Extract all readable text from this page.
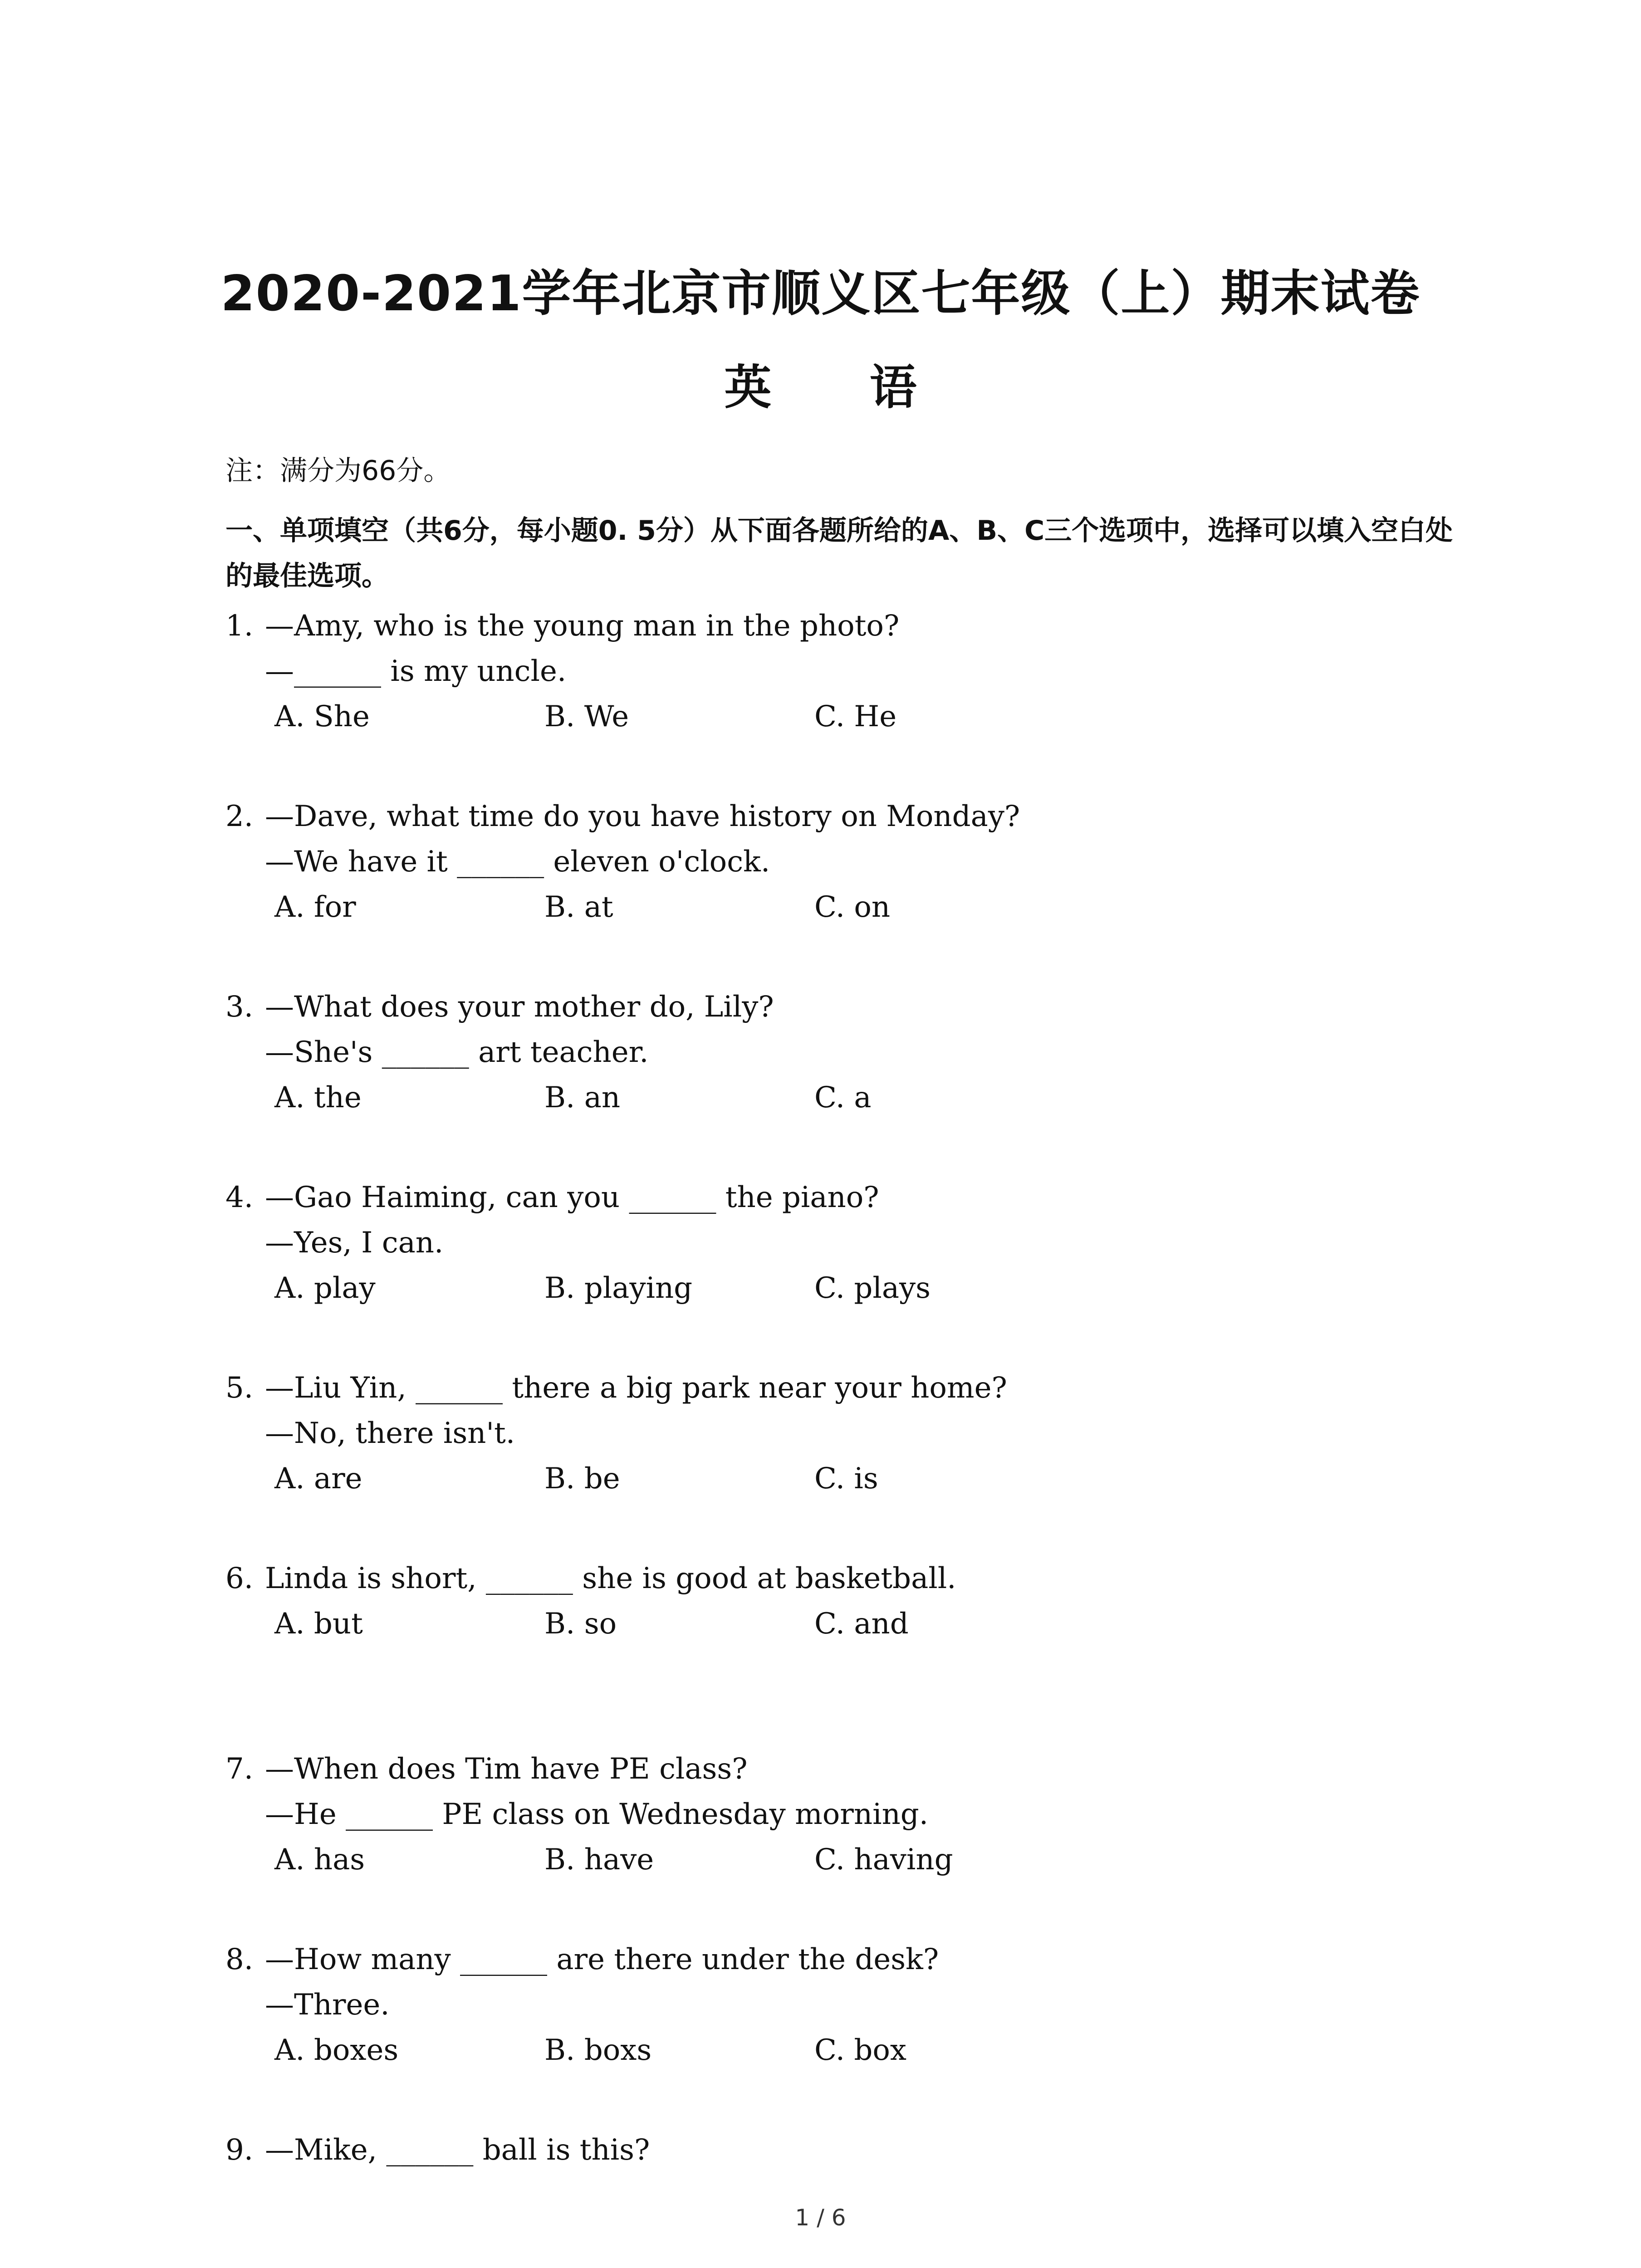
2020-2021学年北京市顺义区七年级（上）期末试卷
英 语
注：满分为66分。
一、单项填空（共6分，每小题0. 5分）从下面各题所给的A、B、C三个选项中，选择可以填入空白处的最佳选项。
1. —Amy, who is the young man in the photo?
—______ is my uncle.
A. She	B. We	C. He
2. —Dave, what time do you have history on Monday?
—We have it ______ eleven o'clock.
A. for	B. at	C. on
3. —What does your mother do, Lily?
—She's ______ art teacher.
A. the	B. an	C. a
4. —Gao Haiming, can you ______ the piano?
—Yes, I can.
A. play	B. playing	C. plays
5. —Liu Yin, ______ there a big park near your home?
—No, there isn't.
A. are	B. be	C. is
6. Linda is short, ______ she is good at basketball.
A. but	B. so	C. and
7. —When does Tim have PE class?
—He ______ PE class on Wednesday morning.
A. has	B. have	C. having
8. —How many ______ are there under the desk?
—Three.
A. boxes	B. boxs	C. box
9. —Mike, ______ ball is this?
1 / 6
